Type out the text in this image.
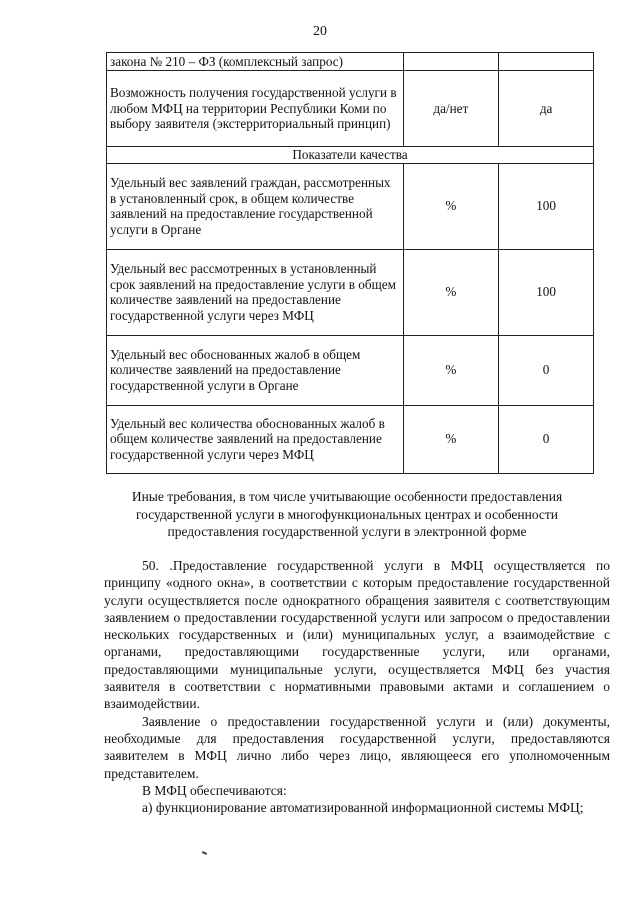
20
закона № 210 – ФЗ (комплексный запрос)		
Возможность получения государственной услуги в любом МФЦ на территории Республики Коми по выбору заявителя (экстерриториальный принцип)	да/нет	да
Показатели качества		
Удельный вес заявлений граждан, рассмотренных в установленный срок, в общем количестве заявлений на предоставление государственной услуги в Органе	%	100
Удельный вес рассмотренных в установленный срок заявлений на предоставление услуги в общем количестве заявлений на предоставление государственной услуги через МФЦ	%	100
Удельный вес обоснованных жалоб в общем количестве заявлений на предоставление государственной услуги в Органе	%	0
Удельный вес количества обоснованных жалоб в общем количестве заявлений на предоставление государственной услуги через МФЦ	%	0
Иные требования, в том числе учитывающие особенности предоставления государственной услуги в многофункциональных центрах и особенности предоставления государственной услуги в электронной форме

50. .Предоставление государственной услуги в МФЦ осуществляется по принципу «одного окна», в соответствии с которым предоставление государственной услуги осуществляется после однократного обращения заявителя с соответствующим заявлением о предоставлении государственной услуги или запросом о предоставлении нескольких государственных и (или) муниципальных услуг, а взаимодействие с органами, предоставляющими государственные услуги, или органами, предоставляющими муниципальные услуги, осуществляется МФЦ без участия заявителя в соответствии с нормативными правовыми актами и соглашением о взаимодействии.

Заявление о предоставлении государственной услуги и (или) документы, необходимые для предоставления государственной услуги, предоставляются заявителем в МФЦ лично либо через лицо, являющееся его уполномоченным представителем.

В МФЦ обеспечиваются:

а) функционирование автоматизированной информационной системы МФЦ;
